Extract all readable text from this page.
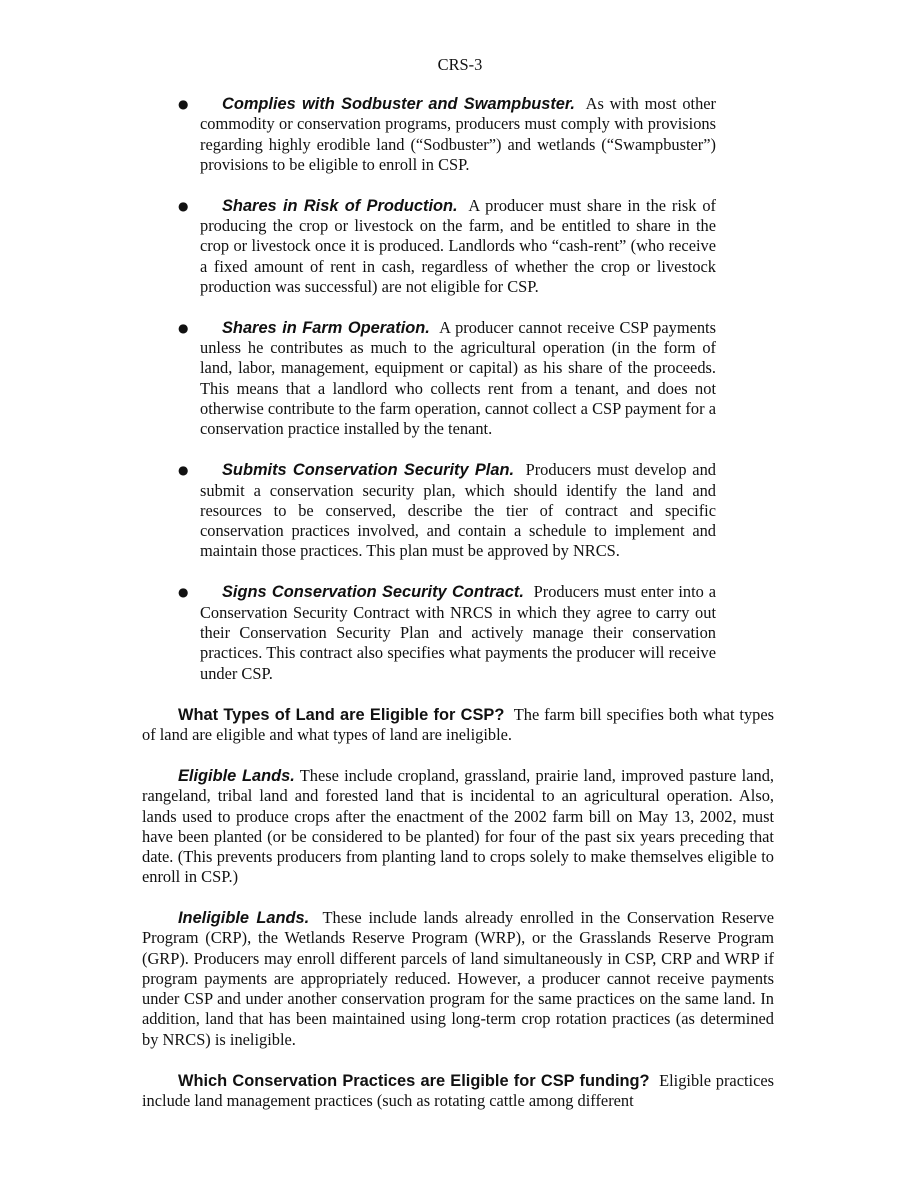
CRS-3
● Complies with Sodbuster and Swampbuster. As with most other commodity or conservation programs, producers must comply with provisions regarding highly erodible land (“Sodbuster”) and wetlands (“Swampbuster”) provisions to be eligible to enroll in CSP.
● Shares in Risk of Production. A producer must share in the risk of producing the crop or livestock on the farm, and be entitled to share in the crop or livestock once it is produced. Landlords who “cash-rent” (who receive a fixed amount of rent in cash, regardless of whether the crop or livestock production was successful) are not eligible for CSP.
● Shares in Farm Operation. A producer cannot receive CSP payments unless he contributes as much to the agricultural operation (in the form of land, labor, management, equipment or capital) as his share of the proceeds. This means that a landlord who collects rent from a tenant, and does not otherwise contribute to the farm operation, cannot collect a CSP payment for a conservation practice installed by the tenant.
● Submits Conservation Security Plan. Producers must develop and submit a conservation security plan, which should identify the land and resources to be conserved, describe the tier of contract and specific conservation practices involved, and contain a schedule to implement and maintain those practices. This plan must be approved by NRCS.
● Signs Conservation Security Contract. Producers must enter into a Conservation Security Contract with NRCS in which they agree to carry out their Conservation Security Plan and actively manage their conservation practices. This contract also specifies what payments the producer will receive under CSP.

What Types of Land are Eligible for CSP? The farm bill specifies both what types of land are eligible and what types of land are ineligible.

Eligible Lands. These include cropland, grassland, prairie land, improved pasture land, rangeland, tribal land and forested land that is incidental to an agricultural operation. Also, lands used to produce crops after the enactment of the 2002 farm bill on May 13, 2002, must have been planted (or be considered to be planted) for four of the past six years preceding that date. (This prevents producers from planting land to crops solely to make themselves eligible to enroll in CSP.)

Ineligible Lands. These include lands already enrolled in the Conservation Reserve Program (CRP), the Wetlands Reserve Program (WRP), or the Grasslands Reserve Program (GRP). Producers may enroll different parcels of land simultaneously in CSP, CRP and WRP if program payments are appropriately reduced. However, a producer cannot receive payments under CSP and under another conservation program for the same practices on the same land. In addition, land that has been maintained using long-term crop rotation practices (as determined by NRCS) is ineligible.

Which Conservation Practices are Eligible for CSP funding? Eligible practices include land management practices (such as rotating cattle among different
